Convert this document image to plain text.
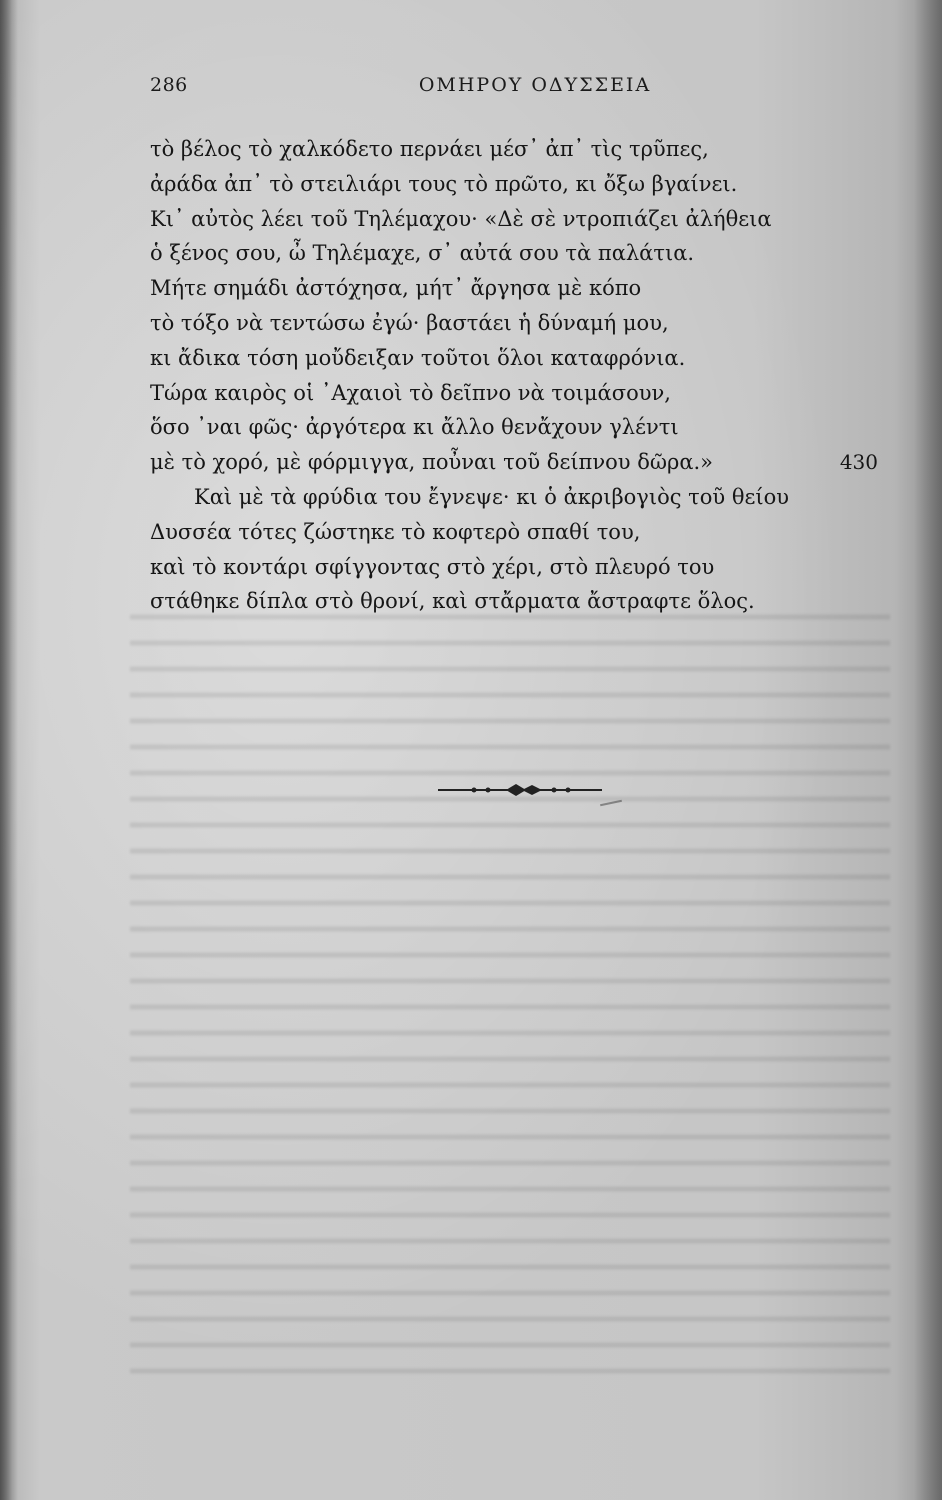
286	ΟΜΗΡΟΥ ΟΔΥΣΣΕΙΑ
τὸ βέλος τὸ χαλκόδετο περνάει μέσ᾽ ἀπ᾽ τὶς τρῦπες,
ἀράδα ἀπ᾽ τὸ στειλιάρι τους τὸ πρῶτο, κι ὄξω βγαίνει.
Κι᾽ αὐτὸς λέει τοῦ Τηλέμαχου· «Δὲ σὲ ντροπιάζει ἀλήθεια
ὁ ξένος σου, ὦ Τηλέμαχε, σ᾽ αὐτά σου τὰ παλάτια.
Μήτε σημάδι ἀστόχησα, μήτ᾽ ἄργησα μὲ κόπο
τὸ τόξο νὰ τεντώσω ἐγώ· βαστάει ἡ δύναμή μου,
κι ἄδικα τόση μοὔδειξαν τοῦτοι ὅλοι καταφρόνια.
Τώρα καιρὸς οἱ ᾽Αχαιοὶ τὸ δεῖπνο νὰ τοιμάσουν,
ὅσο ᾽ναι φῶς· ἀργότερα κι ἄλλο θενἄχουν γλέντι
μὲ τὸ χορό, μὲ φόρμιγγα, ποὖναι τοῦ δείπνου δῶρα.»	430
Καὶ μὲ τὰ φρύδια του ἔγνεψε· κι ὁ ἀκριβογιὸς τοῦ θείου
Δυσσέα τότες ζώστηκε τὸ κοφτερὸ σπαθί του,
καὶ τὸ κοντάρι σφίγγοντας στὸ χέρι, στὸ πλευρό του
στάθηκε δίπλα στὸ θρονί, καὶ στἄρματα ἄστραφτε ὅλος.
